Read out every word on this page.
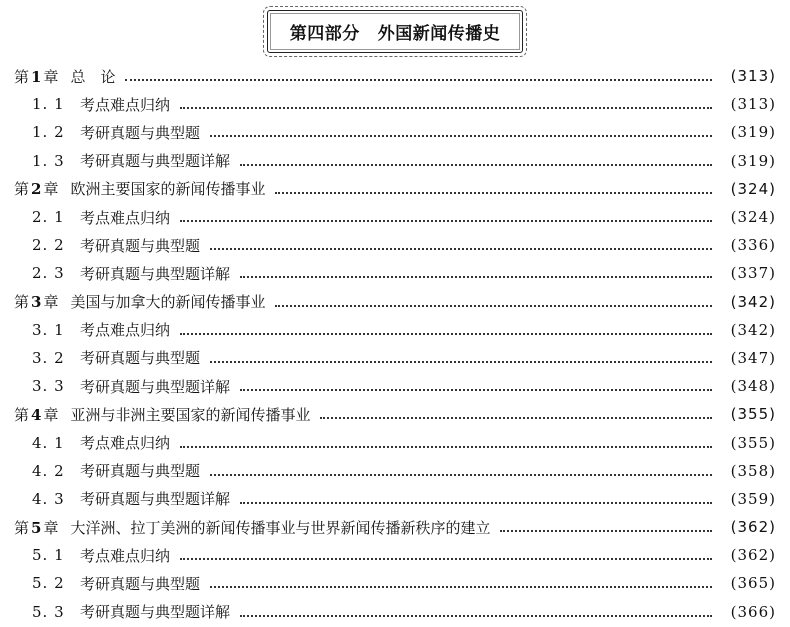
第四部分 外国新闻传播史
第 1 章 总　论	(313)
1. 1	考点难点归纳	(313)
1. 2	考研真题与典型题	(319)
1. 3	考研真题与典型题详解	(319)
第 2 章 欧洲主要国家的新闻传播事业	(324)
2. 1	考点难点归纳	(324)
2. 2	考研真题与典型题	(336)
2. 3	考研真题与典型题详解	(337)
第 3 章 美国与加拿大的新闻传播事业	(342)
3. 1	考点难点归纳	(342)
3. 2	考研真题与典型题	(347)
3. 3	考研真题与典型题详解	(348)
第 4 章 亚洲与非洲主要国家的新闻传播事业	(355)
4. 1	考点难点归纳	(355)
4. 2	考研真题与典型题	(358)
4. 3	考研真题与典型题详解	(359)
第 5 章 大洋洲、拉丁美洲的新闻传播事业与世界新闻传播新秩序的建立	(362)
5. 1	考点难点归纳	(362)
5. 2	考研真题与典型题	(365)
5. 3	考研真题与典型题详解	(366)
